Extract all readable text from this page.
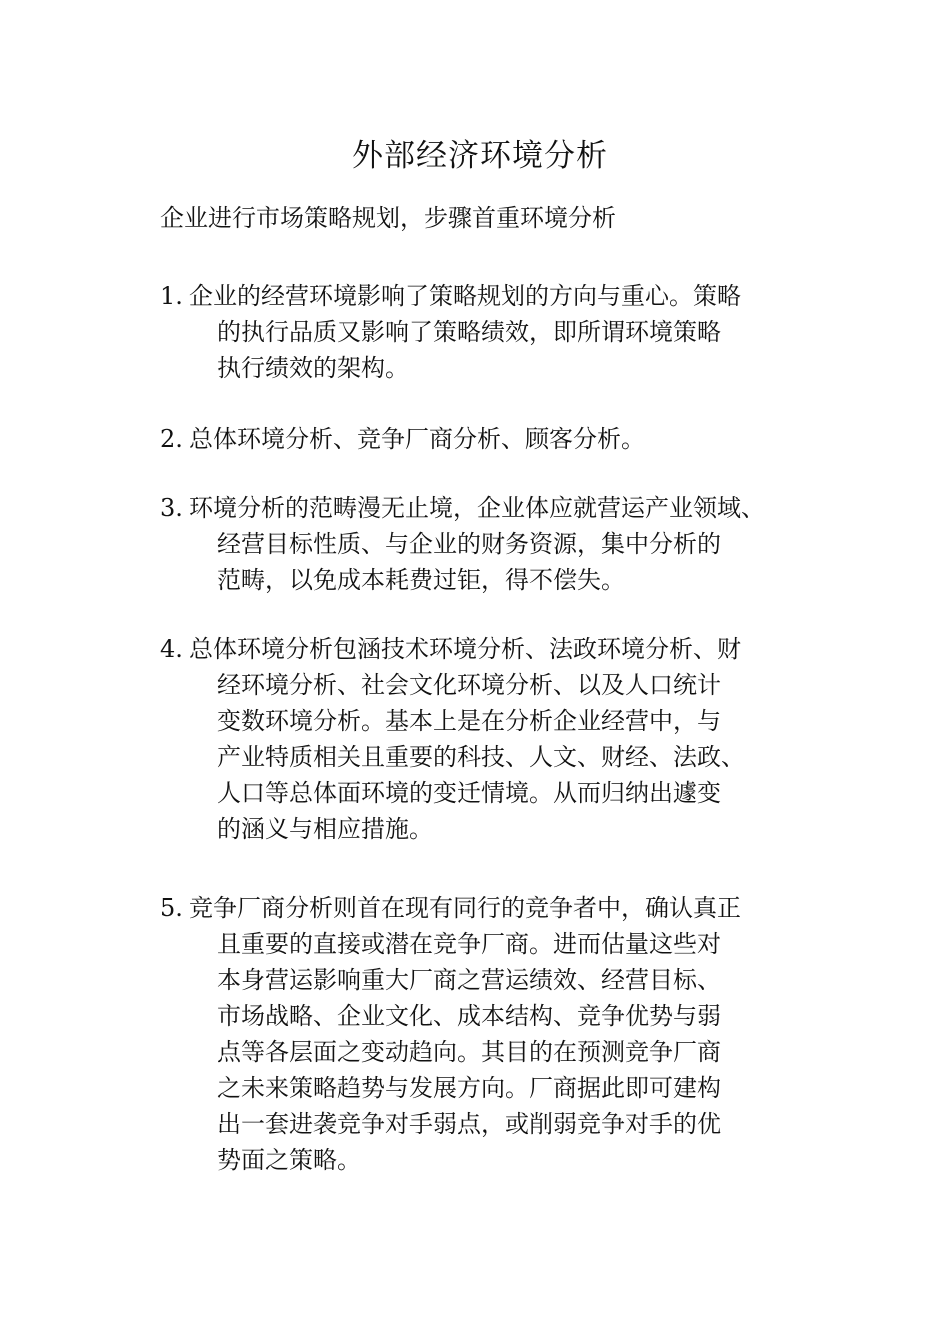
外部经济环境分析
企业进行市场策略规划，步骤首重环境分析
1. 企业的经营环境影响了策略规划的方向与重心。策略
的执行品质又影响了策略绩效，即所谓环境策略
执行绩效的架构。
2. 总体环境分析、竞争厂商分析、顾客分析。
3. 环境分析的范畴漫无止境，企业体应就营运产业领域、
经营目标性质、与企业的财务资源，集中分析的
范畴，以免成本耗费过钜，得不偿失。
4. 总体环境分析包涵技术环境分析、法政环境分析、财
经环境分析、社会文化环境分析、以及人口统计
变数环境分析。基本上是在分析企业经营中，与
产业特质相关且重要的科技、人文、财经、法政、
人口等总体面环境的变迁情境。从而归纳出遽变
的涵义与相应措施。
5. 竞争厂商分析则首在现有同行的竞争者中，确认真正
且重要的直接或潜在竞争厂商。进而估量这些对
本身营运影响重大厂商之营运绩效、经营目标、
市场战略、企业文化、成本结构、竞争优势与弱
点等各层面之变动趋向。其目的在预测竞争厂商
之未来策略趋势与发展方向。厂商据此即可建构
出一套进袭竞争对手弱点，或削弱竞争对手的优
势面之策略。
